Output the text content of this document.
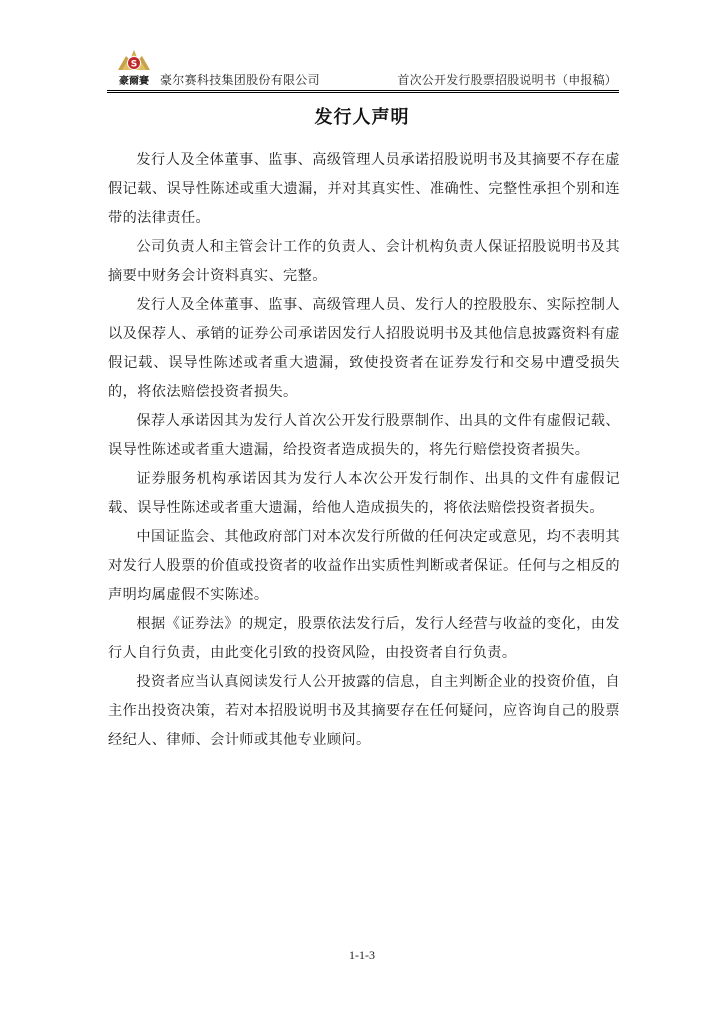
S
豪爾賽 豪尔赛科技集团股份有限公司	首次公开发行股票招股说明书（申报稿）
发行人声明

发行人及全体董事、监事、高级管理人员承诺招股说明书及其摘要不存在虚假记载、误导性陈述或重大遗漏，并对其真实性、准确性、完整性承担个别和连带的法律责任。

公司负责人和主管会计工作的负责人、会计机构负责人保证招股说明书及其摘要中财务会计资料真实、完整。

发行人及全体董事、监事、高级管理人员、发行人的控股股东、实际控制人以及保荐人、承销的证券公司承诺因发行人招股说明书及其他信息披露资料有虚假记载、误导性陈述或者重大遗漏，致使投资者在证券发行和交易中遭受损失的，将依法赔偿投资者损失。

保荐人承诺因其为发行人首次公开发行股票制作、出具的文件有虚假记载、误导性陈述或者重大遗漏，给投资者造成损失的，将先行赔偿投资者损失。

证券服务机构承诺因其为发行人本次公开发行制作、出具的文件有虚假记载、误导性陈述或者重大遗漏，给他人造成损失的，将依法赔偿投资者损失。

中国证监会、其他政府部门对本次发行所做的任何决定或意见，均不表明其对发行人股票的价值或投资者的收益作出实质性判断或者保证。任何与之相反的声明均属虚假不实陈述。

根据《证券法》的规定，股票依法发行后，发行人经营与收益的变化，由发行人自行负责，由此变化引致的投资风险，由投资者自行负责。

投资者应当认真阅读发行人公开披露的信息，自主判断企业的投资价值，自主作出投资决策，若对本招股说明书及其摘要存在任何疑问，应咨询自己的股票经纪人、律师、会计师或其他专业顾问。

1-1-3
